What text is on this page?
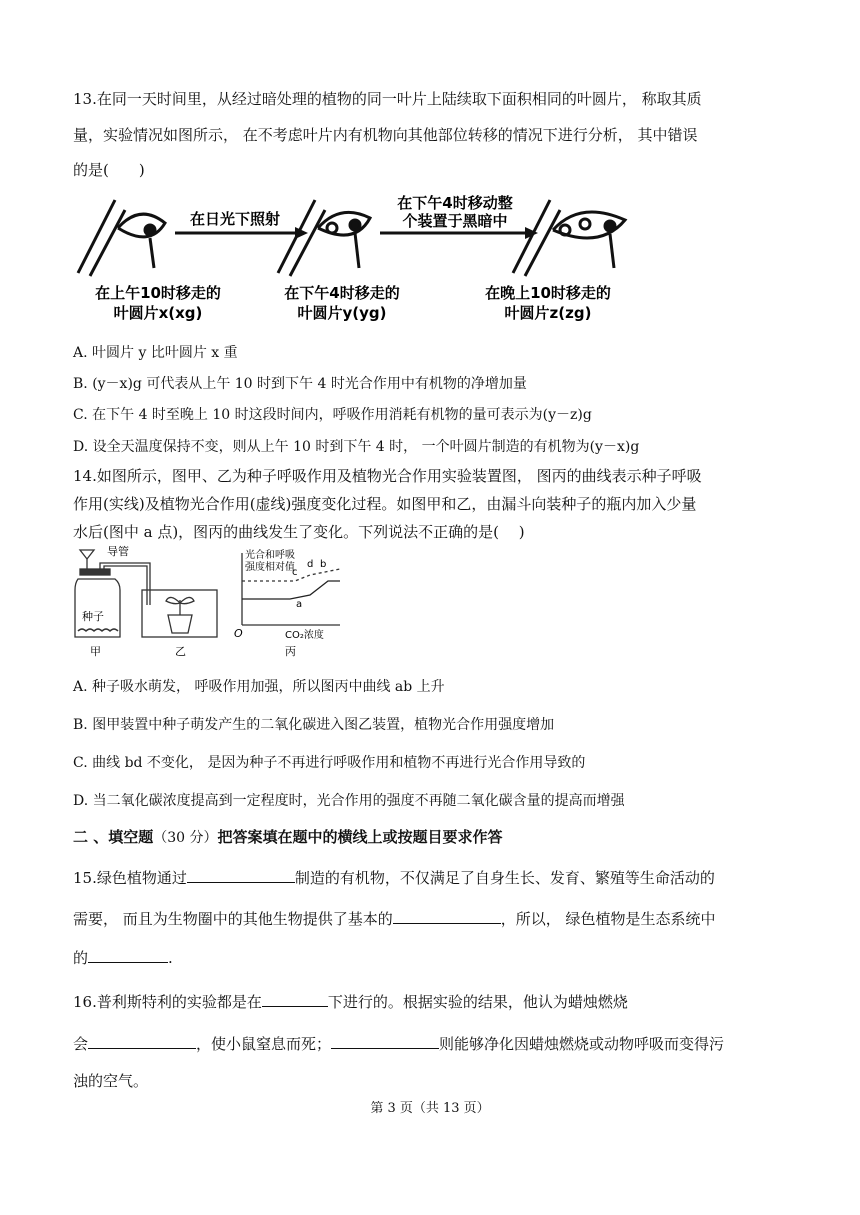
13.在同一天时间里，从经过暗处理的植物的同一叶片上陆续取下面积相同的叶圆片， 称取其质
量，实验情况如图所示， 在不考虑叶片内有机物向其他部位转移的情况下进行分析， 其中错误
的是(　　)
在日光下照射
在下午4时移动整
个装置于黑暗中
在上午10时移走的
叶圆片x(xg)
在下午4时移走的
叶圆片y(yg)
在晚上10时移走的
叶圆片z(zg)
A. 叶圆片 y 比叶圆片 x 重
B. (y－x)g 可代表从上午 10 时到下午 4 时光合作用中有机物的净增加量
C. 在下午 4 时至晚上 10 时这段时间内，呼吸作用消耗有机物的量可表示为(y－z)g
D. 设全天温度保持不变，则从上午 10 时到下午 4 时， 一个叶圆片制造的有机物为(y－x)g
14.如图所示，图甲、乙为种子呼吸作用及植物光合作用实验装置图， 图丙的曲线表示种子呼吸
作用(实线)及植物光合作用(虚线)强度变化过程。如图甲和乙，由漏斗向装种子的瓶内加入少量
水后(图中 a 点)，图丙的曲线发生了变化。下列说法不正确的是(　 )
导管
种子
甲	乙	丙
光合和呼吸
强度相对值
O	CO₂浓度
a
b
c
d
A. 种子吸水萌发， 呼吸作用加强，所以图丙中曲线 ab 上升
B. 图甲装置中种子萌发产生的二氧化碳进入图乙装置，植物光合作用强度增加
C. 曲线 bd 不变化， 是因为种子不再进行呼吸作用和植物不再进行光合作用导致的
D. 当二氧化碳浓度提高到一定程度时，光合作用的强度不再随二氧化碳含量的提高而增强
二 、填空题（30 分）把答案填在题中的横线上或按题目要求作答
15.绿色植物通过	制造的有机物，不仅满足了自身生长、发育、繁殖等生命活动的
需要， 而且为生物圈中的其他生物提供了基本的	，所以， 绿色植物是生态系统中
的	.
16.普利斯特利的实验都是在	下进行的。根据实验的结果，他认为蜡烛燃烧
会	，使小鼠窒息而死；	则能够净化因蜡烛燃烧或动物呼吸而变得污
浊的空气。
第 3 页（共 13 页）
